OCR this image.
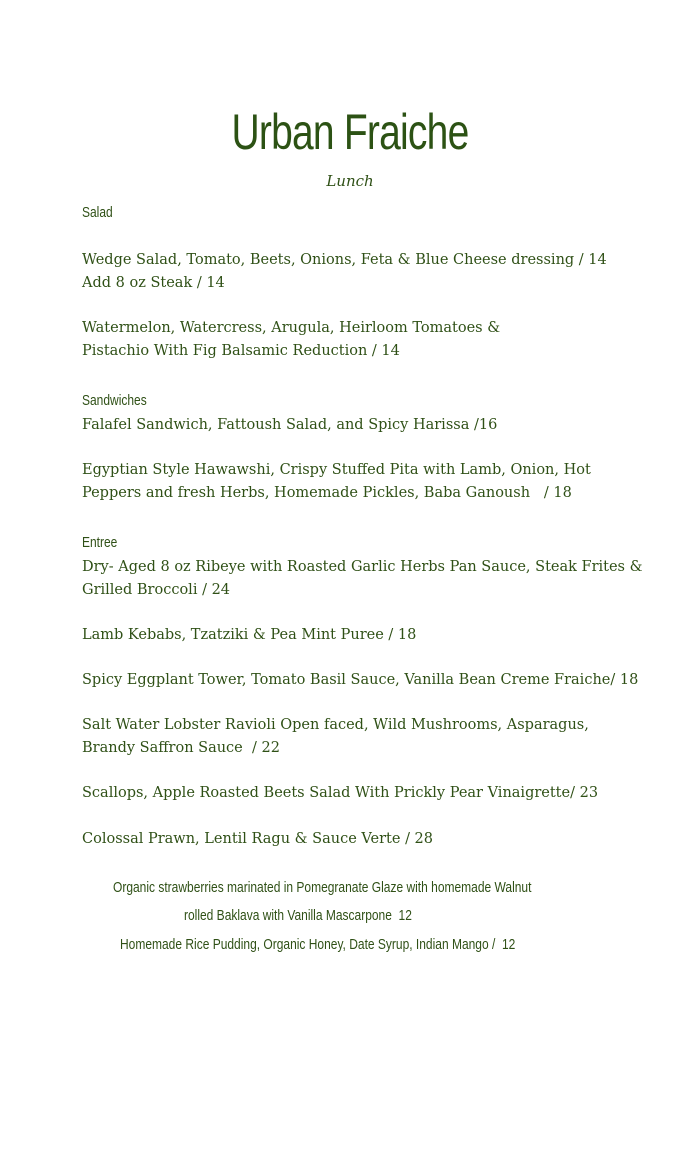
Urban Fraiche
Lunch
Salad
Wedge Salad, Tomato, Beets, Onions, Feta & Blue Cheese dressing / 14
Add 8 oz Steak / 14
Watermelon, Watercress, Arugula, Heirloom Tomatoes &
Pistachio With Fig Balsamic Reduction / 14
Sandwiches
Falafel Sandwich, Fattoush Salad, and Spicy Harissa /16
Egyptian Style Hawawshi, Crispy Stuffed Pita with Lamb, Onion, Hot
Peppers and fresh Herbs, Homemade Pickles, Baba Ganoush   / 18
Entree
Dry- Aged 8 oz Ribeye with Roasted Garlic Herbs Pan Sauce, Steak Frites &
Grilled Broccoli / 24
Lamb Kebabs, Tzatziki & Pea Mint Puree / 18
Spicy Eggplant Tower, Tomato Basil Sauce, Vanilla Bean Creme Fraiche/ 18
Salt Water Lobster Ravioli Open faced, Wild Mushrooms, Asparagus,
Brandy Saffron Sauce  / 22
Scallops, Apple Roasted Beets Salad With Prickly Pear Vinaigrette/ 23
Colossal Prawn, Lentil Ragu & Sauce Verte / 28
Organic strawberries marinated in Pomegranate Glaze with homemade Walnut
rolled Baklava with Vanilla Mascarpone  12
Homemade Rice Pudding, Organic Honey, Date Syrup, Indian Mango /  12
